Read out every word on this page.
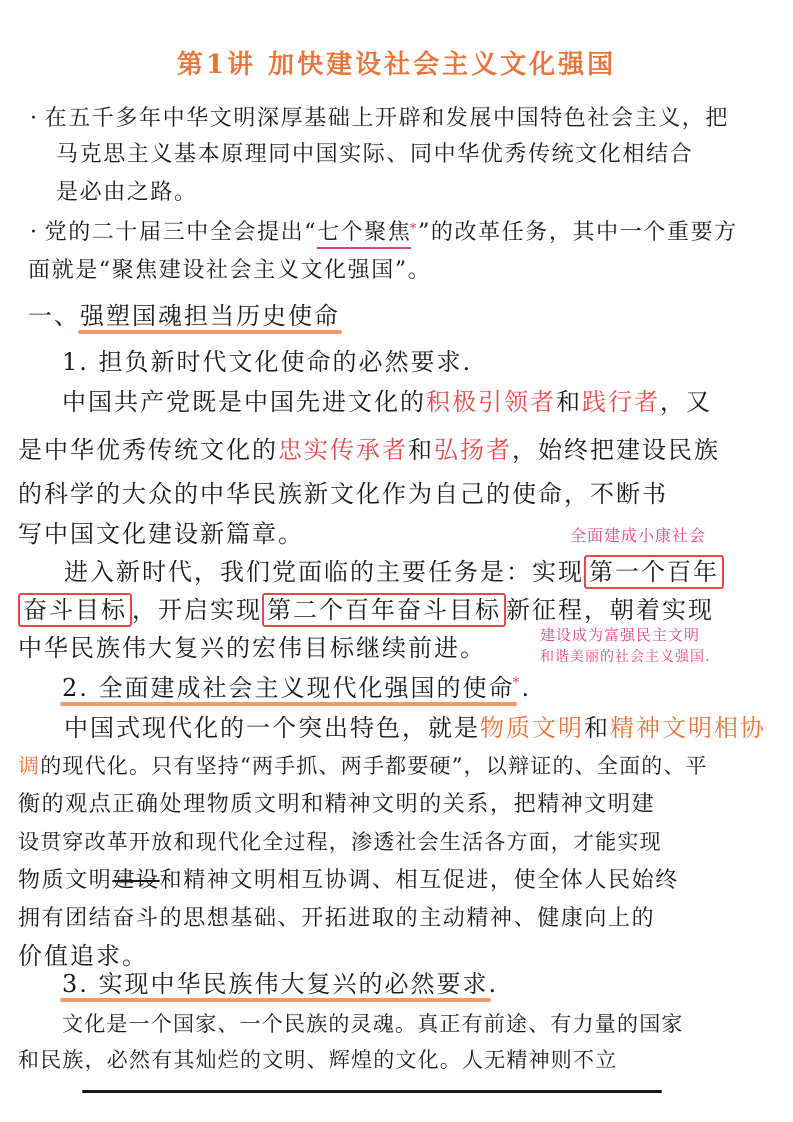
第1讲 加快建设社会主义文化强国
· 在五千多年中华文明深厚基础上开辟和发展中国特色社会主义，把
马克思主义基本原理同中国实际、同中华优秀传统文化相结合
是必由之路。
· 党的二十届三中全会提出“七个聚焦*”的改革任务，其中一个重要方
面就是“聚焦建设社会主义文化强国”。
一、强塑国魂担当历史使命
1. 担负新时代文化使命的必然要求.
中国共产党既是中国先进文化的积极引领者和践行者，又
是中华优秀传统文化的忠实传承者和弘扬者，始终把建设民族
的科学的大众的中华民族新文化作为自己的使命，不断书
写中国文化建设新篇章。	全面建成小康社会
进入新时代，我们党面临的主要任务是：实现 第一个百年
奋斗目标 ，开启实现 第二个百年奋斗目标 新征程，朝着实现
中华民族伟大复兴的宏伟目标继续前进。	建设成为富强民主文明
和谐美丽的社会主义强国.
2. 全面建成社会主义现代化强国的使命*.
中国式现代化的一个突出特色，就是物质文明和精神文明相协
调的现代化。只有坚持“两手抓、两手都要硬”，以辩证的、全面的、平
衡的观点正确处理物质文明和精神文明的关系，把精神文明建
设贯穿改革开放和现代化全过程，渗透社会生活各方面，才能实现
物质文明建设和精神文明相互协调、相互促进，使全体人民始终
拥有团结奋斗的思想基础、开拓进取的主动精神、健康向上的
价值追求。
3. 实现中华民族伟大复兴的必然要求.
文化是一个国家、一个民族的灵魂。真正有前途、有力量的国家
和民族，必然有其灿烂的文明、辉煌的文化。人无精神则不立
